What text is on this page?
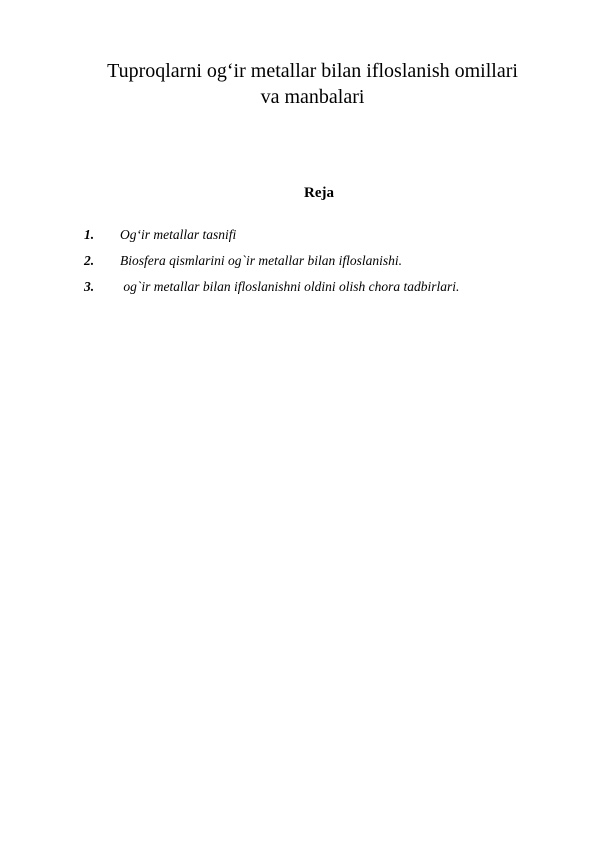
Tuproqlarni og‘ir metallar bilan ifloslanish omillari
va manbalari
Reja
1.	Og‘ir metallar tasnifi
2.	Biosfera qismlarini og`ir metallar bilan ifloslanishi.
3.	og`ir metallar bilan ifloslanishni oldini olish chora tadbirlari.
